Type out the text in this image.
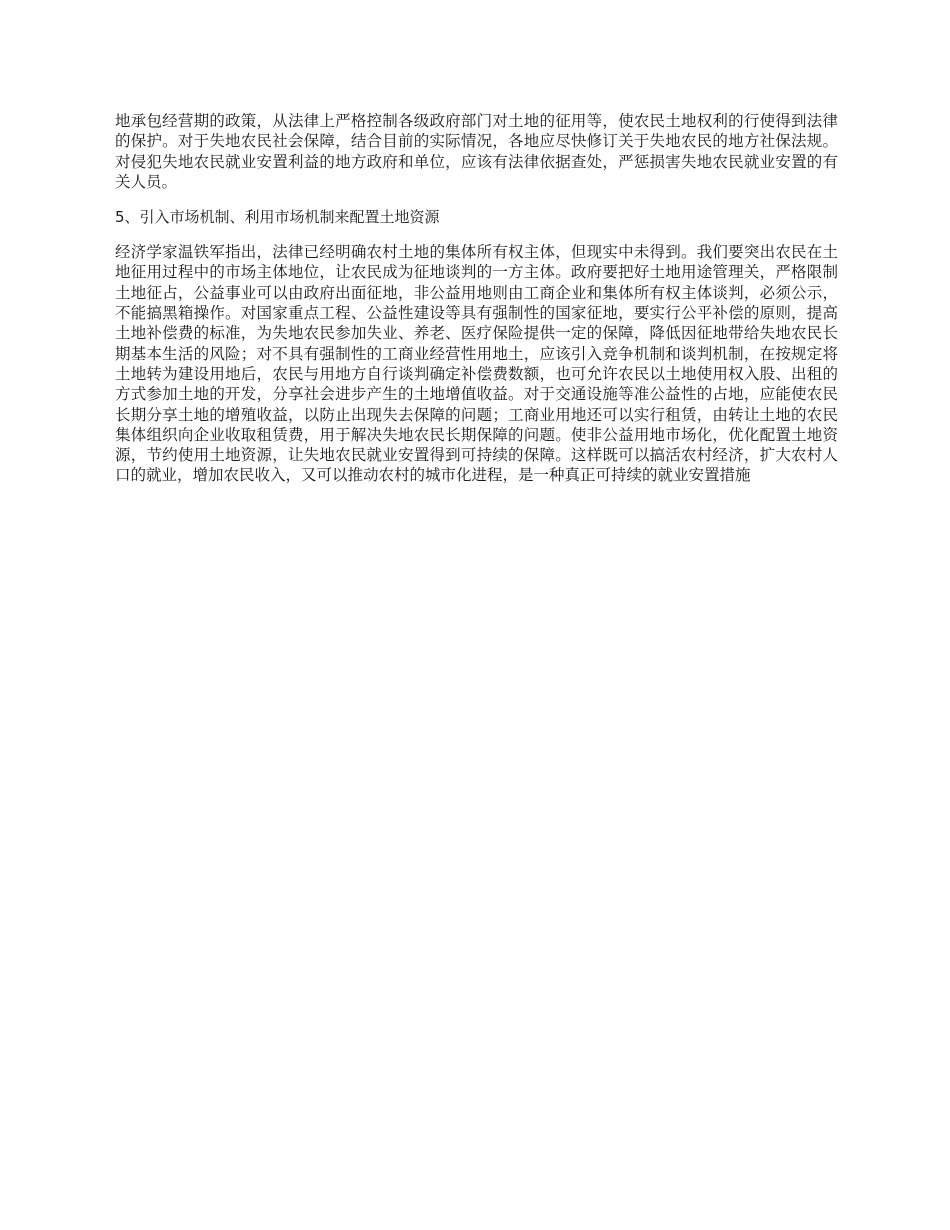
地承包经营期的政策，从法律上严格控制各级政府部门对土地的征用等，使农民土地权利的行使得到法律的保护。对于失地农民社会保障，结合目前的实际情况，各地应尽快修订关于失地农民的地方社保法规。对侵犯失地农民就业安置利益的地方政府和单位，应该有法律依据查处，严惩损害失地农民就业安置的有关人员。

5、引入市场机制、利用市场机制来配置土地资源

经济学家温铁军指出，法律已经明确农村土地的集体所有权主体，但现实中未得到。我们要突出农民在土地征用过程中的市场主体地位，让农民成为征地谈判的一方主体。政府要把好土地用途管理关，严格限制土地征占，公益事业可以由政府出面征地，非公益用地则由工商企业和集体所有权主体谈判，必须公示，不能搞黑箱操作。对国家重点工程、公益性建设等具有强制性的国家征地，要实行公平补偿的原则，提高土地补偿费的标准，为失地农民参加失业、养老、医疗保险提供一定的保障，降低因征地带给失地农民长期基本生活的风险；对不具有强制性的工商业经营性用地土，应该引入竞争机制和谈判机制，在按规定将土地转为建设用地后，农民与用地方自行谈判确定补偿费数额，也可允许农民以土地使用权入股、出租的方式参加土地的开发，分享社会进步产生的土地增值收益。对于交通设施等准公益性的占地，应能使农民长期分享土地的增殖收益，以防止出现失去保障的问题；工商业用地还可以实行租赁，由转让土地的农民集体组织向企业收取租赁费，用于解决失地农民长期保障的问题。使非公益用地市场化，优化配置土地资源，节约使用土地资源，让失地农民就业安置得到可持续的保障。这样既可以搞活农村经济，扩大农村人口的就业，增加农民收入，又可以推动农村的城市化进程，是一种真正可持续的就业安置措施
